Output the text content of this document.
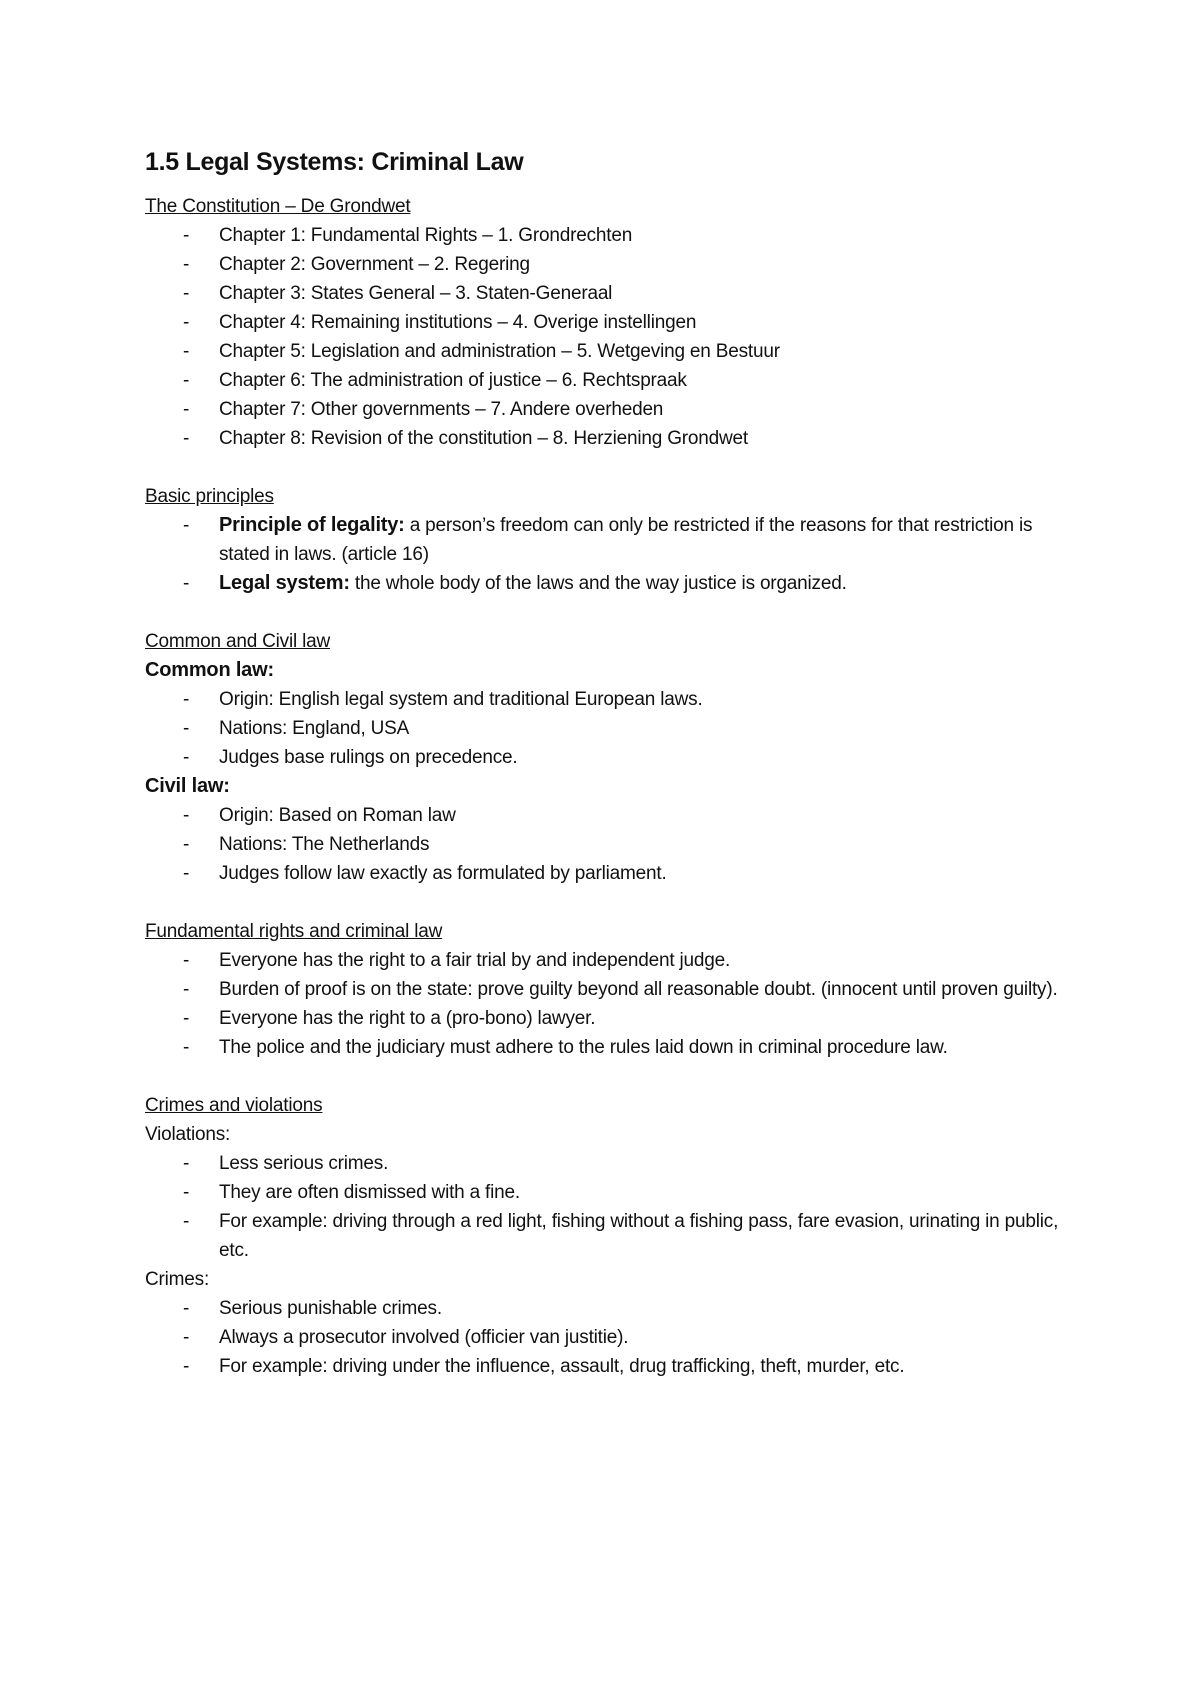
1.5 Legal Systems: Criminal Law

The Constitution – De Grondwet

- Chapter 1: Fundamental Rights – 1. Grondrechten
- Chapter 2: Government – 2. Regering
- Chapter 3: States General – 3. Staten-Generaal
- Chapter 4: Remaining institutions – 4. Overige instellingen
- Chapter 5: Legislation and administration – 5. Wetgeving en Bestuur
- Chapter 6: The administration of justice – 6. Rechtspraak
- Chapter 7: Other governments – 7. Andere overheden
- Chapter 8: Revision of the constitution – 8. Herziening Grondwet

Basic principles

- Principle of legality: a person’s freedom can only be restricted if the reasons for that restriction is stated in laws. (article 16)
- Legal system: the whole body of the laws and the way justice is organized.

Common and Civil law

Common law:

- Origin: English legal system and traditional European laws.
- Nations: England, USA
- Judges base rulings on precedence.

Civil law:

- Origin: Based on Roman law
- Nations: The Netherlands
- Judges follow law exactly as formulated by parliament.

Fundamental rights and criminal law

- Everyone has the right to a fair trial by and independent judge.
- Burden of proof is on the state: prove guilty beyond all reasonable doubt. (innocent until proven guilty).
- Everyone has the right to a (pro-bono) lawyer.
- The police and the judiciary must adhere to the rules laid down in criminal procedure law.

Crimes and violations

Violations:

- Less serious crimes.
- They are often dismissed with a fine.
- For example: driving through a red light, fishing without a fishing pass, fare evasion, urinating in public, etc.

Crimes:

- Serious punishable crimes.
- Always a prosecutor involved (officier van justitie).
- For example: driving under the influence, assault, drug trafficking, theft, murder, etc.
